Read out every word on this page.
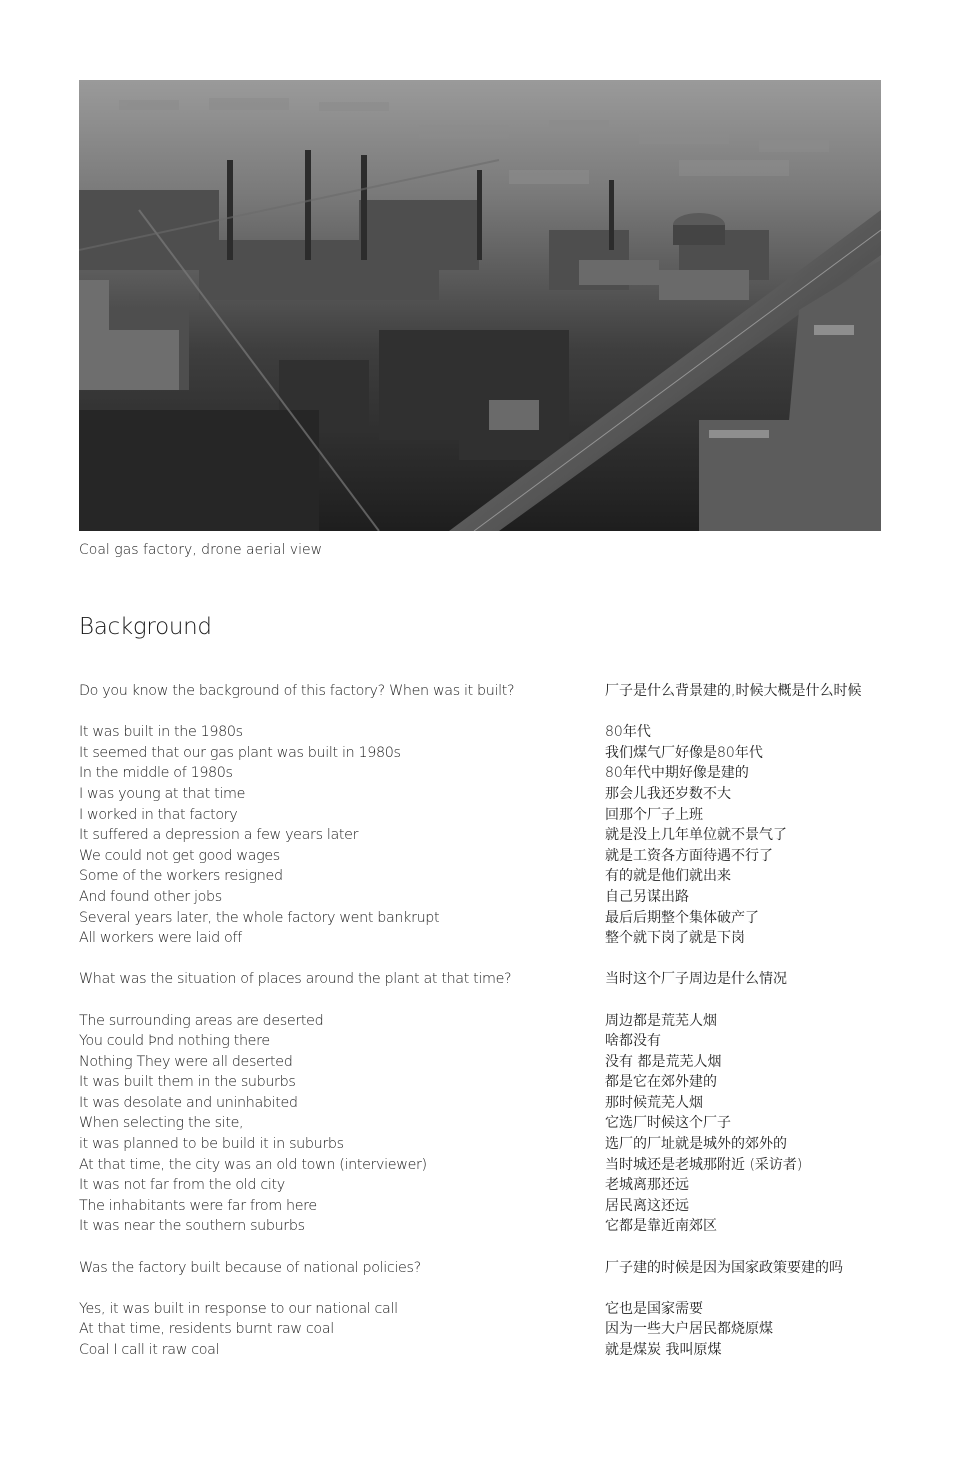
Coal gas factory, drone aerial view
Background
Do you know the background of this factory? When was it built?
It was built in the 1980s
It seemed that our gas plant was built in 1980s
In the middle of 1980s
I was young at that time
I worked in that factory
It suffered a depression a few years later
We could not get good wages
Some of the workers resigned
And found other jobs
Several years later, the whole factory went bankrupt
All workers were laid off
What was the situation of places around the plant at that time?
The surrounding areas are deserted
You could Þnd nothing there
Nothing They were all deserted
It was built them in the suburbs
It was desolate and uninhabited
When selecting the site,
it was planned to be build it in suburbs
At that time, the city was an old town (interviewer)
It was not far from the old city
The inhabitants were far from here
It was near the southern suburbs
Was the factory built because of national policies?
Yes, it was built in response to our national call
At that time, residents burnt raw coal
Coal I call it raw coal
厂子是什么背景建的,时候大概是什么时候
80年代
我们煤气厂好像是80年代
80年代中期好像是建的
那会儿我还岁数不大
回那个厂子上班
就是没上几年单位就不景气了
就是工资各方面待遇不行了
有的就是他们就出来
自己另谋出路
最后后期整个集体破产了
整个就下岗了就是下岗
当时这个厂子周边是什么情况
周边都是荒芜人烟
啥都没有
没有 都是荒芜人烟
都是它在郊外建的
那时候荒芜人烟
它选厂时候这个厂子
选厂的厂址就是城外的郊外的
当时城还是老城那附近 (采访者)
老城离那还远
居民离这还远
它都是靠近南郊区
厂子建的时候是因为国家政策要建的吗
它也是国家需要
因为一些大户居民都烧原煤
就是煤炭 我叫原煤
